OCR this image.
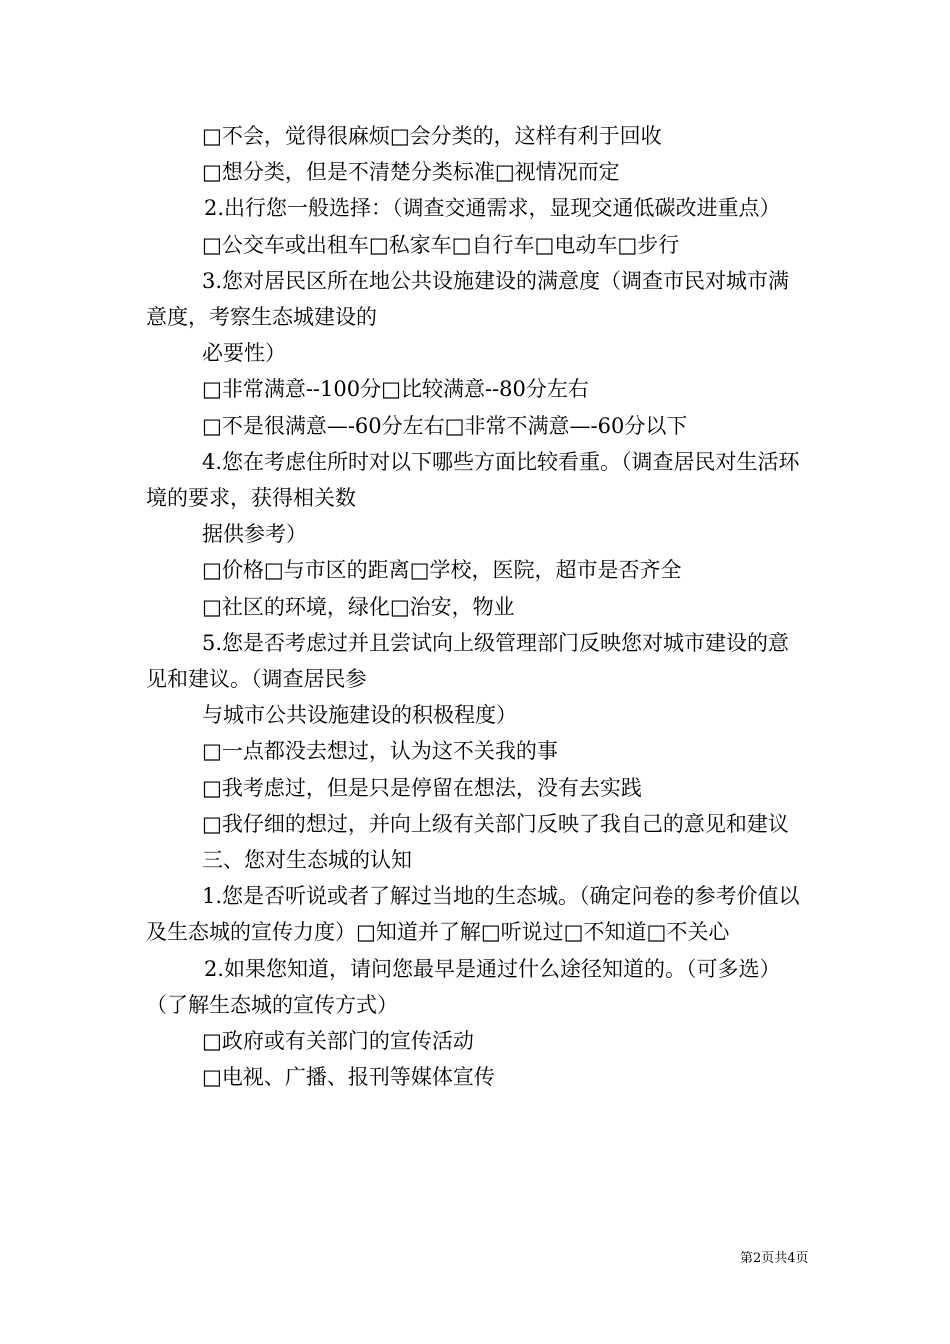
□不会，觉得很麻烦□会分类的，这样有利于回收

□想分类，但是不清楚分类标准□视情况而定

2.出行您一般选择：（调查交通需求，显现交通低碳改进重点）

□公交车或出租车□私家车□自行车□电动车□步行

3.您对居民区所在地公共设施建设的满意度（调查市民对城市满意度，考察生态城建设的

必要性）

□非常满意--100分□比较满意--80分左右

□不是很满意—-60分左右□非常不满意—-60分以下

4.您在考虑住所时对以下哪些方面比较看重。（调查居民对生活环境的要求，获得相关数

据供参考）

□价格□与市区的距离□学校，医院，超市是否齐全

□社区的环境，绿化□治安，物业

5.您是否考虑过并且尝试向上级管理部门反映您对城市建设的意见和建议。（调查居民参

与城市公共设施建设的积极程度）

□一点都没去想过，认为这不关我的事

□我考虑过，但是只是停留在想法，没有去实践

□我仔细的想过，并向上级有关部门反映了我自己的意见和建议

三、您对生态城的认知

1.您是否听说或者了解过当地的生态城。（确定问卷的参考价值以及生态城的宣传力度）□知道并了解□听说过□不知道□不关心

2.如果您知道，请问您最早是通过什么途径知道的。（可多选）（了解生态城的宣传方式）

□政府或有关部门的宣传活动

□电视、广播、报刊等媒体宣传

第2页共4页
